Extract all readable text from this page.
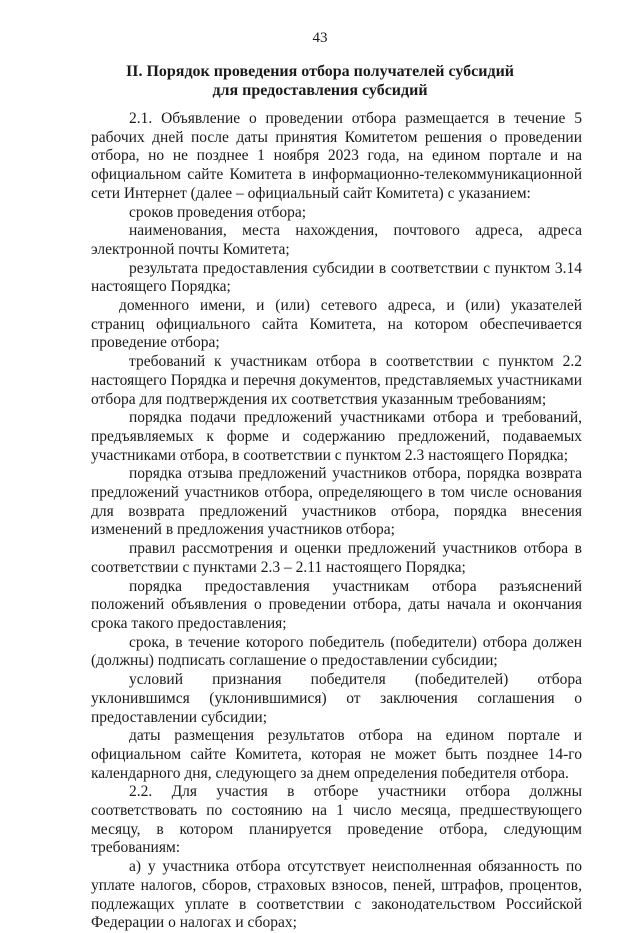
43
II. Порядок проведения отбора получателей субсидий
для предоставления субсидий

2.1. Объявление о проведении отбора размещается в течение 5 рабочих дней после даты принятия Комитетом решения о проведении отбора, но не позднее 1 ноября 2023 года, на едином портале и на официальном сайте Комитета в информационно-телекоммуникационной сети Интернет (далее – официальный сайт Комитета) с указанием:

сроков проведения отбора;

наименования, места нахождения, почтового адреса, адреса электронной почты Комитета;

результата предоставления субсидии в соответствии с пунктом 3.14 настоящего Порядка;

доменного имени, и (или) сетевого адреса, и (или) указателей страниц официального сайта Комитета, на котором обеспечивается проведение отбора;

требований к участникам отбора в соответствии с пунктом 2.2 настоящего Порядка и перечня документов, представляемых участниками отбора для подтверждения их соответствия указанным требованиям;

порядка подачи предложений участниками отбора и требований, предъявляемых к форме и содержанию предложений, подаваемых участниками отбора, в соответствии с пунктом 2.3 настоящего Порядка;

порядка отзыва предложений участников отбора, порядка возврата предложений участников отбора, определяющего в том числе основания для возврата предложений участников отбора, порядка внесения изменений в предложения участников отбора;

правил рассмотрения и оценки предложений участников отбора в соответствии с пунктами 2.3 – 2.11 настоящего Порядка;

порядка предоставления участникам отбора разъяснений положений объявления о проведении отбора, даты начала и окончания срока такого предоставления;

срока, в течение которого победитель (победители) отбора должен (должны) подписать соглашение о предоставлении субсидии;

условий признания победителя (победителей) отбора уклонившимся (уклонившимися) от заключения соглашения о предоставлении субсидии;

даты размещения результатов отбора на едином портале и официальном сайте Комитета, которая не может быть позднее 14-го календарного дня, следующего за днем определения победителя отбора.

2.2. Для участия в отборе участники отбора должны соответствовать по состоянию на 1 число месяца, предшествующего месяцу, в котором планируется проведение отбора, следующим требованиям:

а) у участника отбора отсутствует неисполненная обязанность по уплате налогов, сборов, страховых взносов, пеней, штрафов, процентов, подлежащих уплате в соответствии с законодательством Российской Федерации о налогах и сборах;
